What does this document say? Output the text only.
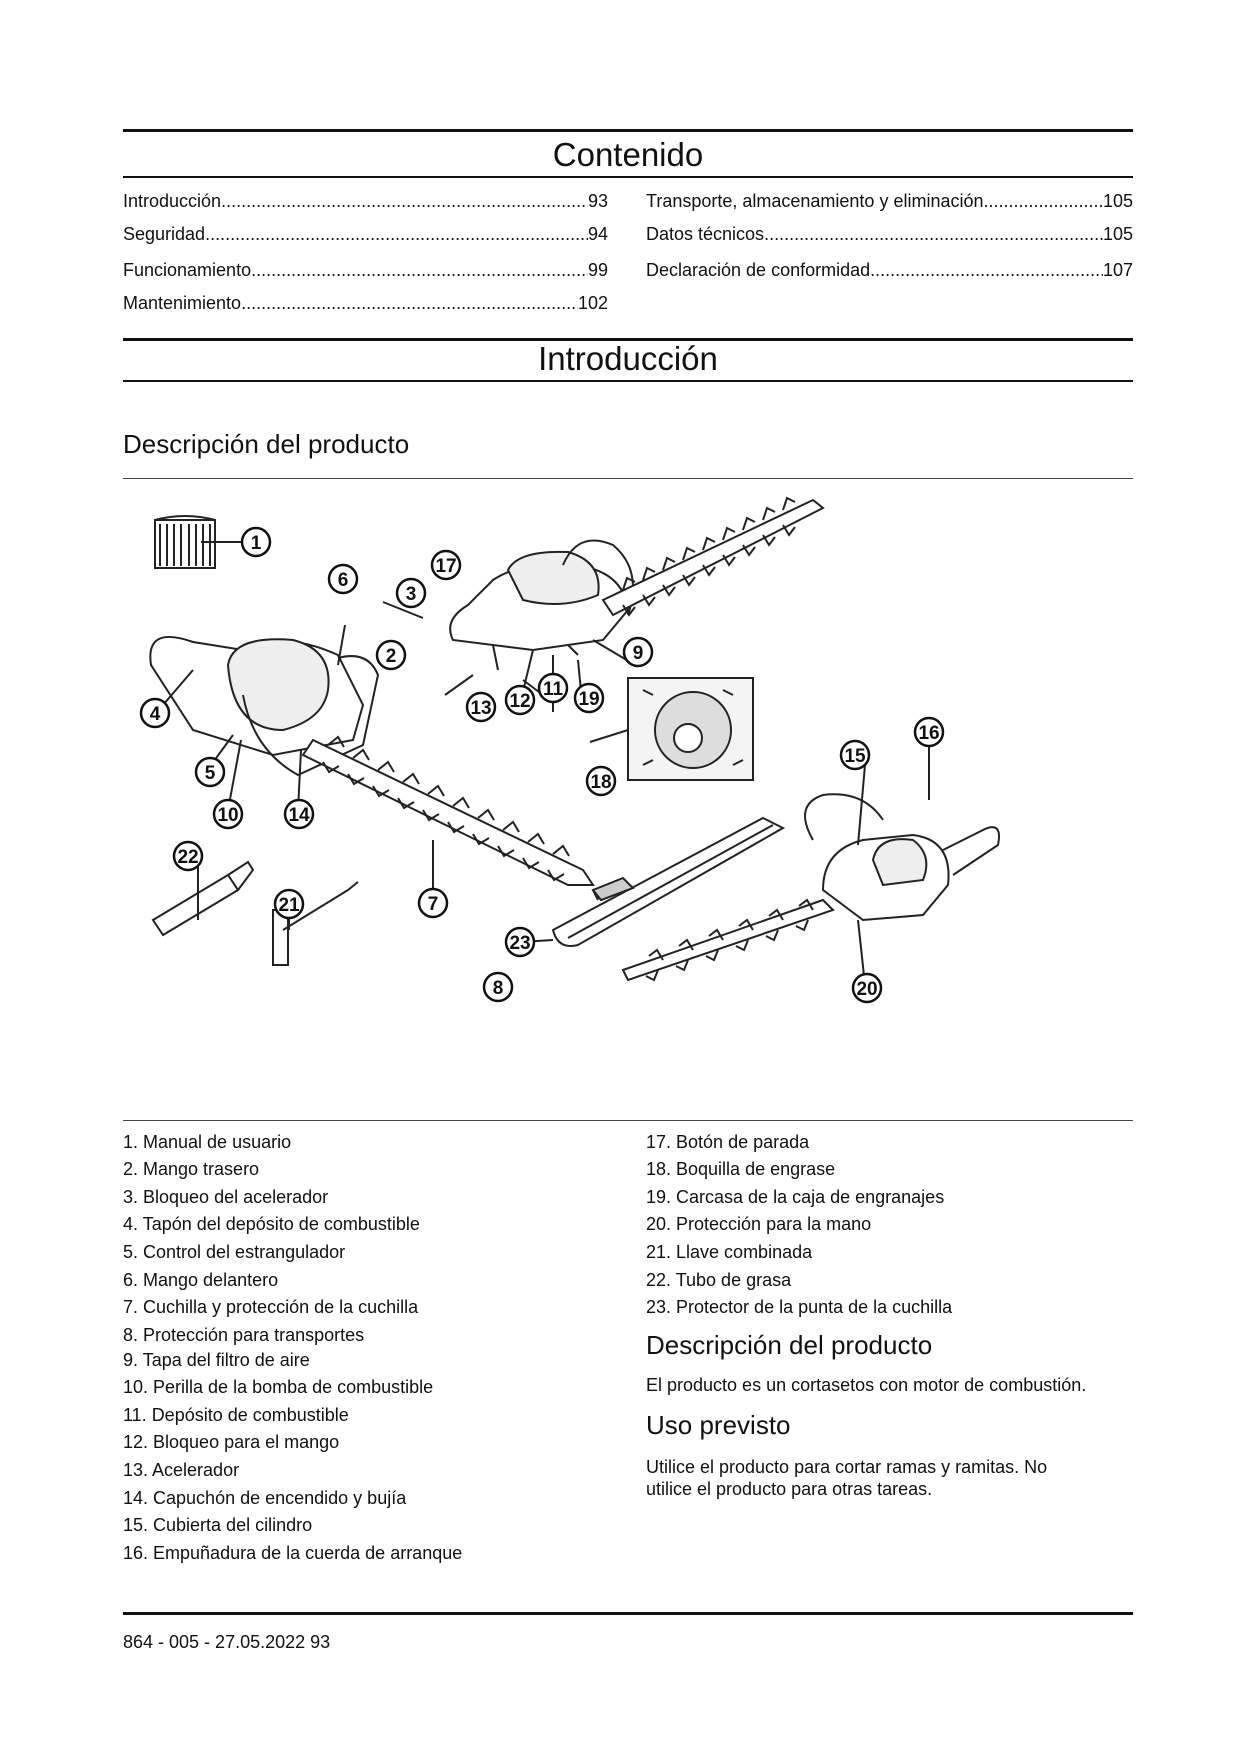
Contenido
Introducción .....	93
Seguridad .....	94
Funcionamiento .....	99
Mantenimiento .....	102
Transporte, almacenamiento y eliminación .....	105
Datos técnicos .....	105
Declaración de conformidad .....	107
Introducción
Descripción del producto
1
2
3
4
5
6
7
8
9
10
11
12
13
14
15
16
17
18
19
20
21
22
23
1. Manual de usuario
2. Mango trasero
3. Bloqueo del acelerador
4. Tapón del depósito de combustible
5. Control del estrangulador
6. Mango delantero
7. Cuchilla y protección de la cuchilla
8. Protección para transportes
9. Tapa del filtro de aire
10. Perilla de la bomba de combustible
11. Depósito de combustible
12. Bloqueo para el mango
13. Acelerador
14. Capuchón de encendido y bujía
15. Cubierta del cilindro
16. Empuñadura de la cuerda de arranque
17. Botón de parada
18. Boquilla de engrase
19. Carcasa de la caja de engranajes
20. Protección para la mano
21. Llave combinada
22. Tubo de grasa
23. Protector de la punta de la cuchilla
Descripción del producto
El producto es un cortasetos con motor de combustión.
Uso previsto
Utilice el producto para cortar ramas y ramitas. No utilice el producto para otras tareas.
864 - 005 - 27.05.2022 93
